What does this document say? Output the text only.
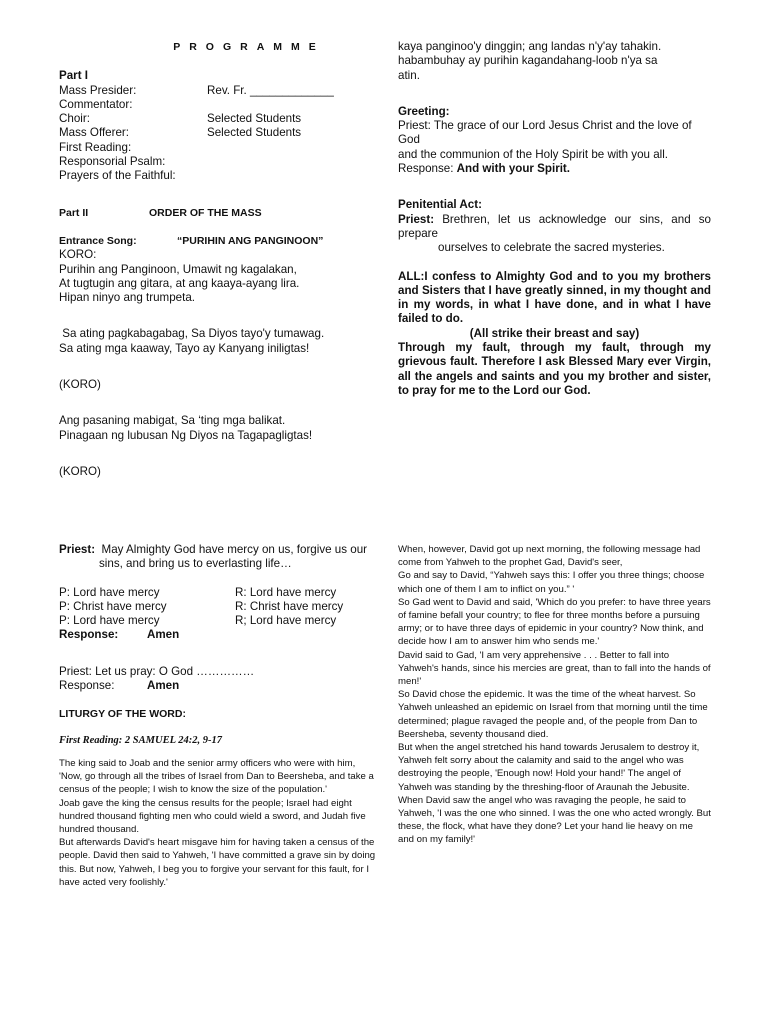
PROGRAMME
Part I
Mass Presider:	Rev. Fr. _____________
Commentator:
Choir:	Selected Students
Mass Offerer:	Selected Students
First Reading:
Responsorial Psalm:
Prayers of the Faithful:
Part II	ORDER OF THE MASS
Entrance Song:	“PURIHIN ANG PANGINOON”
KORO:
Purihin ang Panginoon, Umawit ng kagalakan,
At tugtugin ang gitara, at ang kaaya-ayang lira.
Hipan ninyo ang trumpeta.
Sa ating pagkabagabag, Sa Diyos tayo'y tumawag.
Sa ating mga kaaway, Tayo ay Kanyang iniligtas!
(KORO)
Ang pasaning mabigat, Sa ‘ting mga balikat.
Pinagaan ng lubusan Ng Diyos na Tagapagligtas!
(KORO)
kaya panginoo'y dinggin; ang landas n'y'ay tahakin.
habambuhay ay purihin kagandahang-loob n'ya sa
atin.
Greeting:
Priest: The grace of our Lord Jesus Christ and the love of God
and the communion of the Holy Spirit be with you all.
Response: And with your Spirit.
Penitential Act:
Priest: Brethren, let us acknowledge our sins, and so prepare
ourselves to celebrate the sacred mysteries.
ALL:I confess to Almighty God and to you my brothers and Sisters that I have greatly sinned, in my thought and in my words, in what I have done, and in what I have failed to do.
(All strike their breast and say)
Through my fault, through my fault, through my grievous fault. Therefore I ask Blessed Mary ever Virgin, all the angels and saints and you my brother and sister, to pray for me to the Lord our God.
Priest:  May Almighty God have mercy on us, forgive us our
sins, and bring us to everlasting life…
P: Lord have mercy	R: Lord have mercy
P: Christ have mercy	R: Christ have mercy
P: Lord have mercy	R; Lord have mercy
Response:	Amen
Priest: Let us pray: O God ……………
Response:	Amen
LITURGY OF THE WORD:
First Reading: 2 SAMUEL 24:2, 9-17
The king said to Joab and the senior army officers who were with him, 'Now, go through all the tribes of Israel from Dan to Beersheba, and take a census of the people; I wish to know the size of the population.'
Joab gave the king the census results for the people; Israel had eight hundred thousand fighting men who could wield a sword, and Judah five hundred thousand.
But afterwards David's heart misgave him for having taken a census of the people. David then said to Yahweh, 'I have committed a grave sin by doing this. But now, Yahweh, I beg you to forgive your servant for this fault, for I have acted very foolishly.'
When, however, David got up next morning, the following message had come from Yahweh to the prophet Gad, David's seer,
Go and say to David, “Yahweh says this: I offer you three things; choose which one of them I am to inflict on you.” '
So Gad went to David and said, 'Which do you prefer: to have three years of famine befall your country; to flee for three months before a pursuing army; or to have three days of epidemic in your country? Now think, and decide how I am to answer him who sends me.'
David said to Gad, 'I am very apprehensive . . . Better to fall into Yahweh's hands, since his mercies are great, than to fall into the hands of men!'
So David chose the epidemic. It was the time of the wheat harvest. So Yahweh unleashed an epidemic on Israel from that morning until the time determined; plague ravaged the people and, of the people from Dan to Beersheba, seventy thousand died.
But when the angel stretched his hand towards Jerusalem to destroy it, Yahweh felt sorry about the calamity and said to the angel who was destroying the people, 'Enough now! Hold your hand!' The angel of Yahweh was standing by the threshing-floor of Araunah the Jebusite.
When David saw the angel who was ravaging the people, he said to Yahweh, 'I was the one who sinned. I was the one who acted wrongly. But these, the flock, what have they done? Let your hand lie heavy on me and on my family!'
